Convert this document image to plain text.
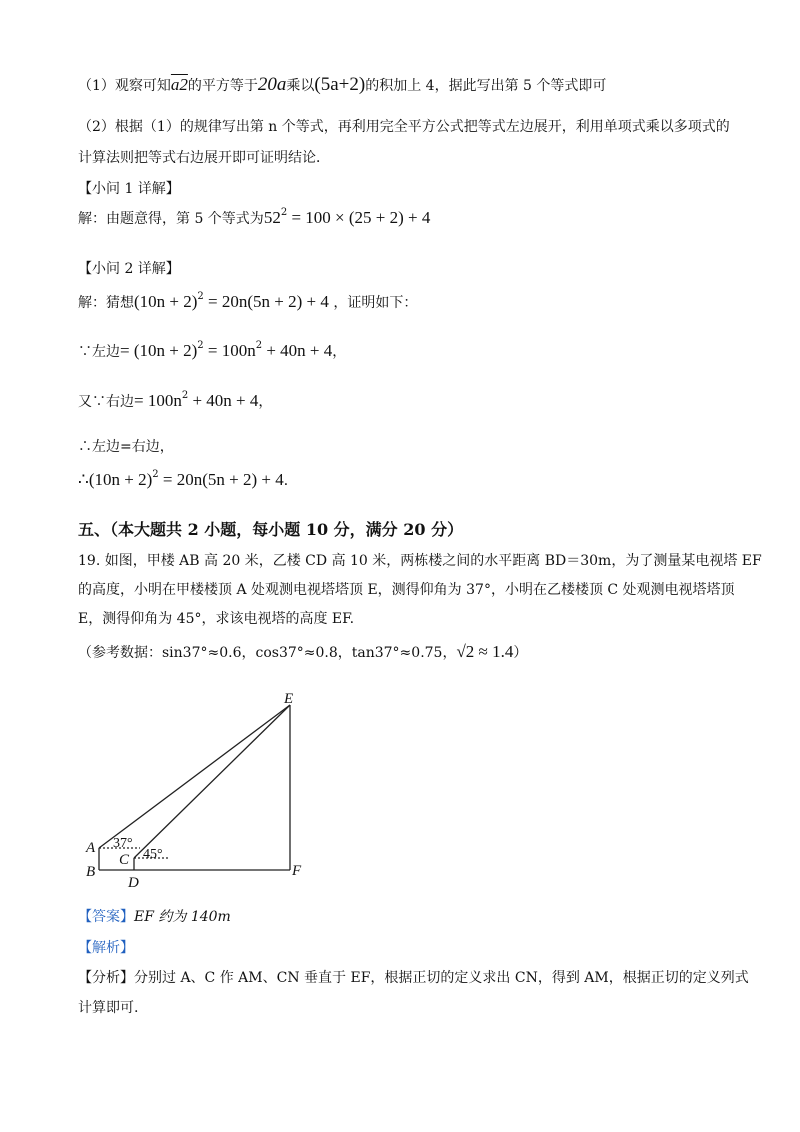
（1）观察可知a2的平方等于20a乘以(5a+2)的积加上 4，据此写出第 5 个等式即可
（2）根据（1）的规律写出第 n 个等式，再利用完全平方公式把等式左边展开，利用单项式乘以多项式的
计算法则把等式右边展开即可证明结论．
【小问 1 详解】
解：由题意得，第 5 个等式为$52^2 = 100 \times (25 + 2) + 4$
【小问 2 详解】
解：猜想$(10n + 2)^2 = 20n(5n + 2) + 4$ ，证明如下：
∵左边= $(10n + 2)^2 = 100n^2 + 40n + 4$，
又∵右边= $100n^2 + 40n + 4$，
∴左边=右边，
∴(10n + 2)$^2$ = 20n(5n + 2) + 4．
五、（本大题共 2 小题，每小题 10 分，满分 20 分）
19. 如图，甲楼 AB 高 20 米，乙楼 CD 高 10 米，两栋楼之间的水平距离 BD＝30m，为了测量某电视塔 EF
的高度，小明在甲楼楼顶 A 处观测电视塔塔顶 E，测得仰角为 37°，小明在乙楼楼顶 C 处观测电视塔塔顶
E，测得仰角为 45°，求该电视塔的高度 EF.
（参考数据：sin37°≈0.6，cos37°≈0.8，tan37°≈0.75，√2 ≈ 1.4）
E
A
B
C
D
F
37°
45°
【答案】EF 约为 140m
【解析】
【分析】分别过 A、C 作 AM、CN 垂直于 EF，根据正切的定义求出 CN，得到 AM，根据正切的定义列式
计算即可.
